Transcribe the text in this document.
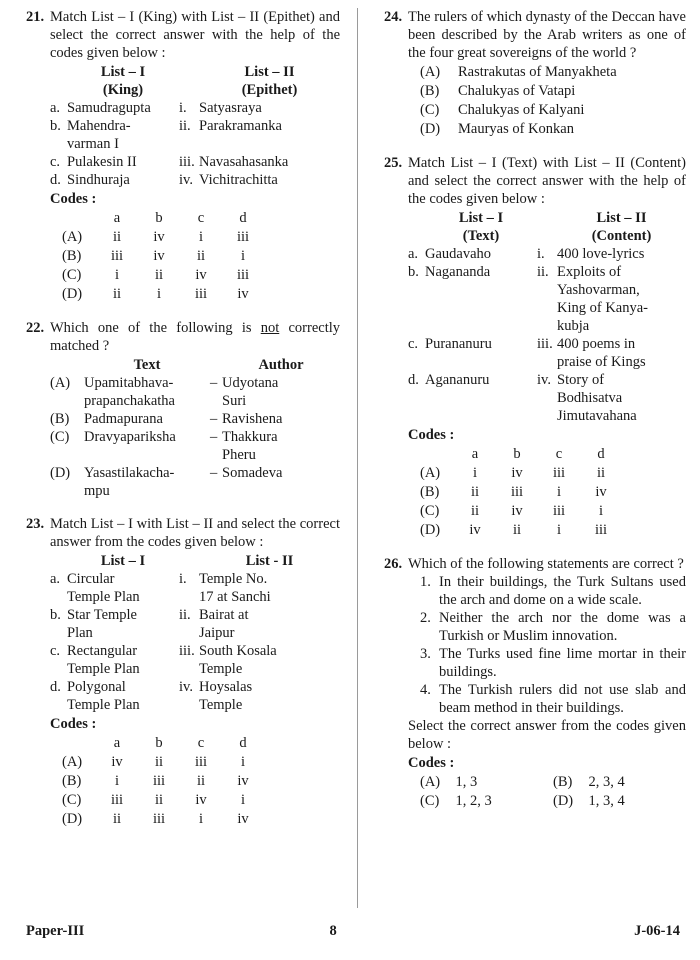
21. Match List – I (King) with List – II (Epithet) and select the correct answer with the help of the codes given below :

	List – I		List – II
	(King)		(Epithet)
a.	Samudragupta	i.	Satyasraya
b.	Mahendra-	ii.	Parakramanka
	varman I		
c.	Pulakesin II	iii.	Navasahasanka
d.	Sindhuraja	iv.	Vichitrachitta
Codes :
	a	b	c	d
(A)	ii	iv	i	iii
(B)	iii	iv	ii	i
(C)	i	ii	iv	iii
(D)	ii	i	iii	iv
22. Which one of the following is not correctly matched ?

	Text		Author
(A)	Upamitabhava-	–	Udyotana
	prapanchakatha		Suri
(B)	Padmapurana	–	Ravishena
(C)	Dravyapariksha	–	Thakkura
			Pheru
(D)	Yasastilakacha-	–	Somadeva
	mpu		
23. Match List – I with List – II and select the correct answer from the codes given below :

	List – I		List - II
a.	Circular	i.	Temple No.
	Temple Plan		17 at Sanchi
b.	Star Temple	ii.	Bairat at
	Plan		Jaipur
c.	Rectangular	iii.	South Kosala
	Temple Plan		Temple
d.	Polygonal	iv.	Hoysalas
	Temple Plan		Temple
Codes :
	a	b	c	d
(A)	iv	ii	iii	i
(B)	i	iii	ii	iv
(C)	iii	ii	iv	i
(D)	ii	iii	i	iv
24. The rulers of which dynasty of the Deccan have been described by the Arab writers as one of the four great sovereigns of the world ?

(A)	Rastrakutas of Manyakheta
(B)	Chalukyas of Vatapi
(C)	Chalukyas of Kalyani
(D)	Mauryas of Konkan
25. Match List – I (Text) with List – II (Content) and select the correct answer with the help of the codes given below :

	List – I		List – II
	(Text)		(Content)
a.	Gaudavaho	i.	400 love-lyrics
b.	Nagananda	ii.	Exploits of
			Yashovarman,
			King of Kanya-
			kubja
c.	Purananuru	iii.	400 poems in
			praise of Kings
d.	Agananuru	iv.	Story of
			Bodhisatva
			Jimutavahana
Codes :
	a	b	c	d
(A)	i	iv	iii	ii
(B)	ii	iii	i	iv
(C)	ii	iv	iii	i
(D)	iv	ii	i	iii
26. Which of the following statements are correct ?

1.	In their buildings, the Turk Sultans used the arch and dome on a wide scale.
2.	Neither the arch nor the dome was a Turkish or Muslim innovation.
3.	The Turks used fine lime mortar in their buildings.
4.	The Turkish rulers did not use slab and beam method in their buildings.

Select the correct answer from the codes given below :

Codes :
(A)	1, 3	(B)	2, 3, 4
(C)	1, 2, 3	(D)	1, 3, 4
Paper-III	8	J-06-14
